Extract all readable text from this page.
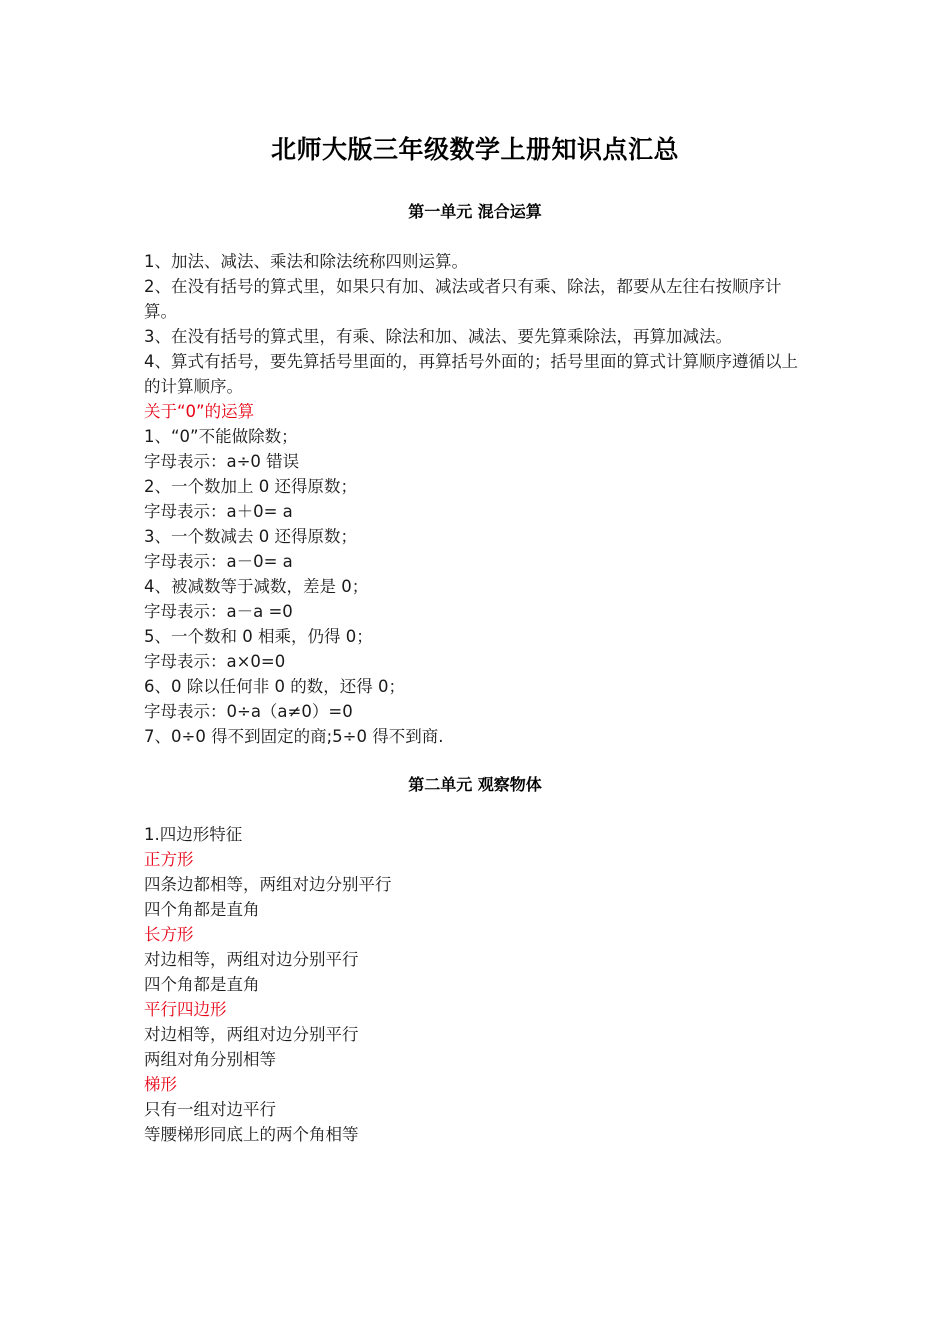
北师大版三年级数学上册知识点汇总
第一单元 混合运算
1、加法、减法、乘法和除法统称四则运算。
2、在没有括号的算式里，如果只有加、减法或者只有乘、除法，都要从左往右按顺序计算。
3、在没有括号的算式里，有乘、除法和加、减法、要先算乘除法，再算加减法。
4、算式有括号，要先算括号里面的，再算括号外面的；括号里面的算式计算顺序遵循以上的计算顺序。
关于“0”的运算
1、“0”不能做除数；
字母表示：a÷0 错误
2、一个数加上 0 还得原数；
字母表示：a＋0= a
3、一个数减去 0 还得原数；
字母表示：a－0= a
4、被减数等于减数，差是 0；
字母表示：a－a =0
5、一个数和 0 相乘，仍得 0；
字母表示：a×0=0
6、0 除以任何非 0 的数，还得 0；
字母表示：0÷a（a≠0）=0
7、0÷0 得不到固定的商;5÷0 得不到商.
第二单元 观察物体
1.四边形特征
正方形
四条边都相等，两组对边分别平行
四个角都是直角
长方形
对边相等，两组对边分别平行
四个角都是直角
平行四边形
对边相等，两组对边分别平行
两组对角分别相等
梯形
只有一组对边平行
等腰梯形同底上的两个角相等
